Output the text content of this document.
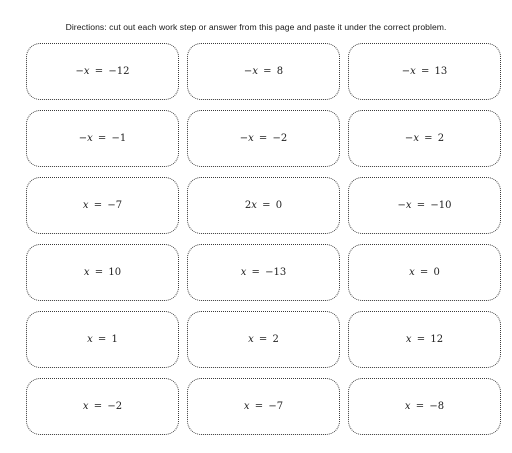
Directions: cut out each work step or answer from this page and paste it under the correct problem.
−x  =  −12	−x  =  8	−x  =  13
−x  =  −1	−x  =  −2	−x  =  2
x  =  −7	2x  =  0	−x  =  −10
x  =  10	x  =  −13	x  =  0
x  =  1	x  =  2	x  =  12
x  =  −2	x  =  −7	x  =  −8
